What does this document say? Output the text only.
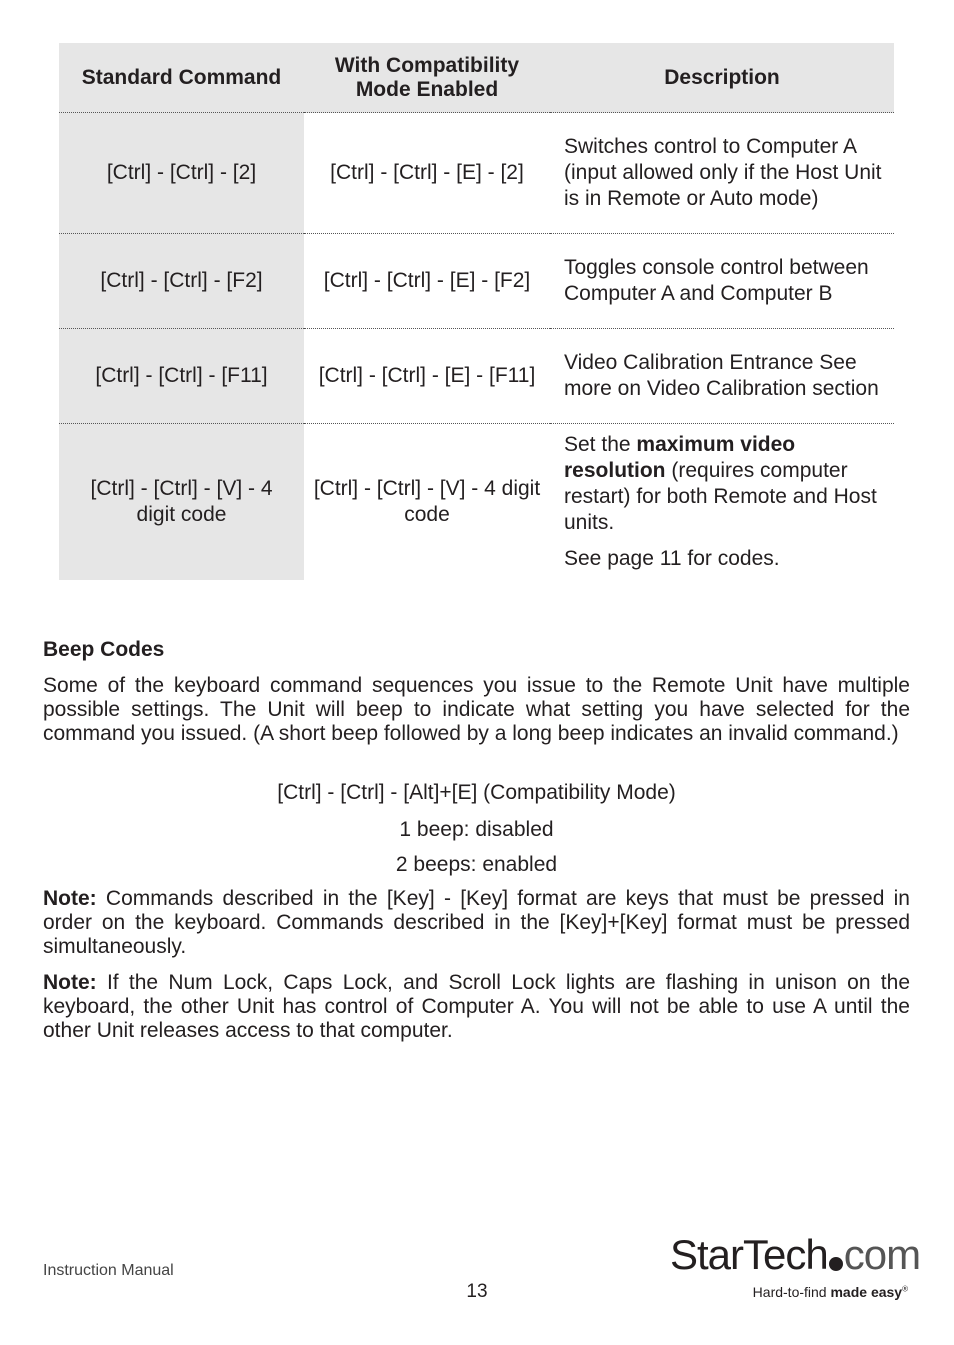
Standard Command	With Compatibility Mode Enabled	Description
[Ctrl] - [Ctrl] - [2]	[Ctrl] - [Ctrl] - [E] - [2]	Switches control to Computer A (input allowed only if the Host Unit is in Remote or Auto mode)
[Ctrl] - [Ctrl] - [F2]	[Ctrl] - [Ctrl] - [E] - [F2]	Toggles console control between Computer A and Computer B
[Ctrl] - [Ctrl] - [F11]	[Ctrl] - [Ctrl] - [E] - [F11]	Video Calibration Entrance See more on Video Calibration section
[Ctrl] - [Ctrl] - [V] - 4 digit code	[Ctrl] - [Ctrl] - [V] - 4 digit code	Set the maximum video resolution (requires computer restart) for both Remote and Host units.

See page 11 for codes.

Beep Codes
Some of the keyboard command sequences you issue to the Remote Unit have multiple possible settings. The Unit will beep to indicate what setting you have selected for the command you issued. (A short beep followed by a long beep indicates an invalid command.)
[Ctrl] - [Ctrl] - [Alt]+[E] (Compatibility Mode)
1 beep: disabled
2 beeps: enabled
Note: Commands described in the [Key] - [Key] format are keys that must be pressed in order on the keyboard. Commands described in the [Key]+[Key] format must be pressed simultaneously.
Note: If the Num Lock, Caps Lock, and Scroll Lock lights are flashing in unison on the keyboard, the other Unit has control of Computer A. You will not be able to use A until the other Unit releases access to that computer.
Instruction Manual
13
StarTech com
Hard-to-find made easy®
